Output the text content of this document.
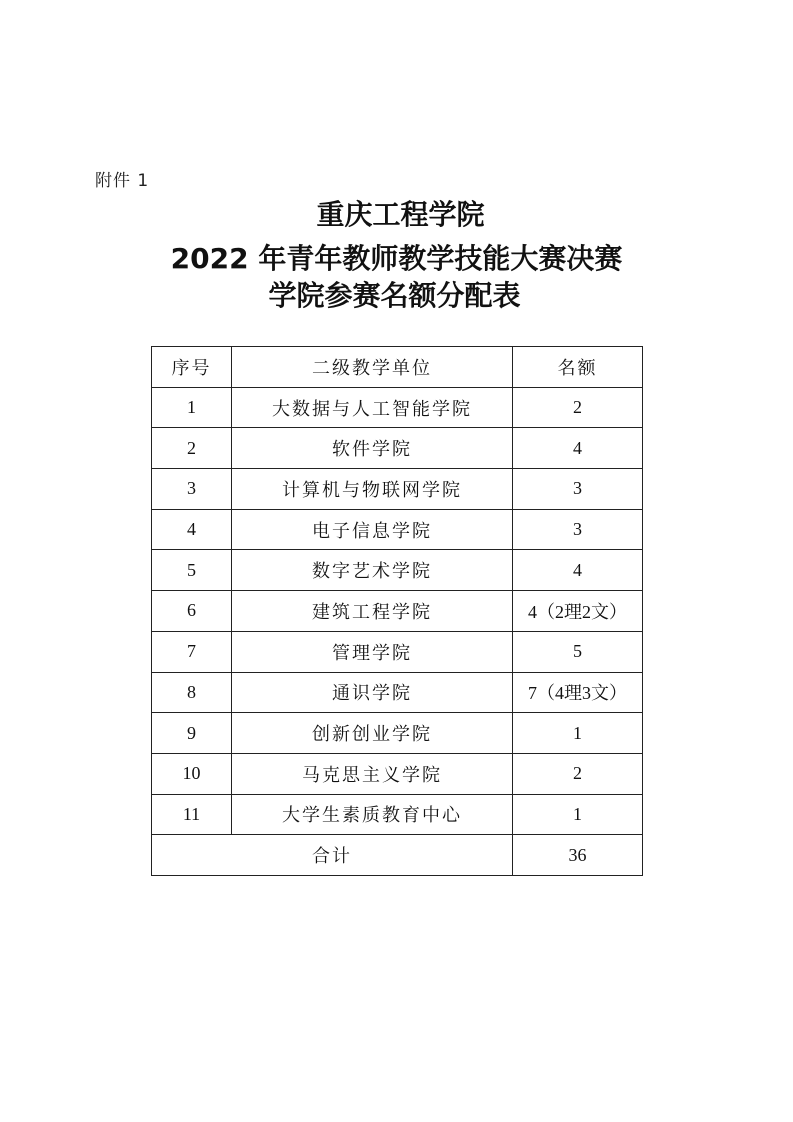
附件 1
重庆工程学院
2022 年青年教师教学技能大赛决赛
学院参赛名额分配表
序号	二级教学单位	名额
1	大数据与人工智能学院	2
2	软件学院	4
3	计算机与物联网学院	3
4	电子信息学院	3
5	数字艺术学院	4
6	建筑工程学院	4（2理2文）
7	管理学院	5
8	通识学院	7（4理3文）
9	创新创业学院	1
10	马克思主义学院	2
11	大学生素质教育中心	1
合计		36
